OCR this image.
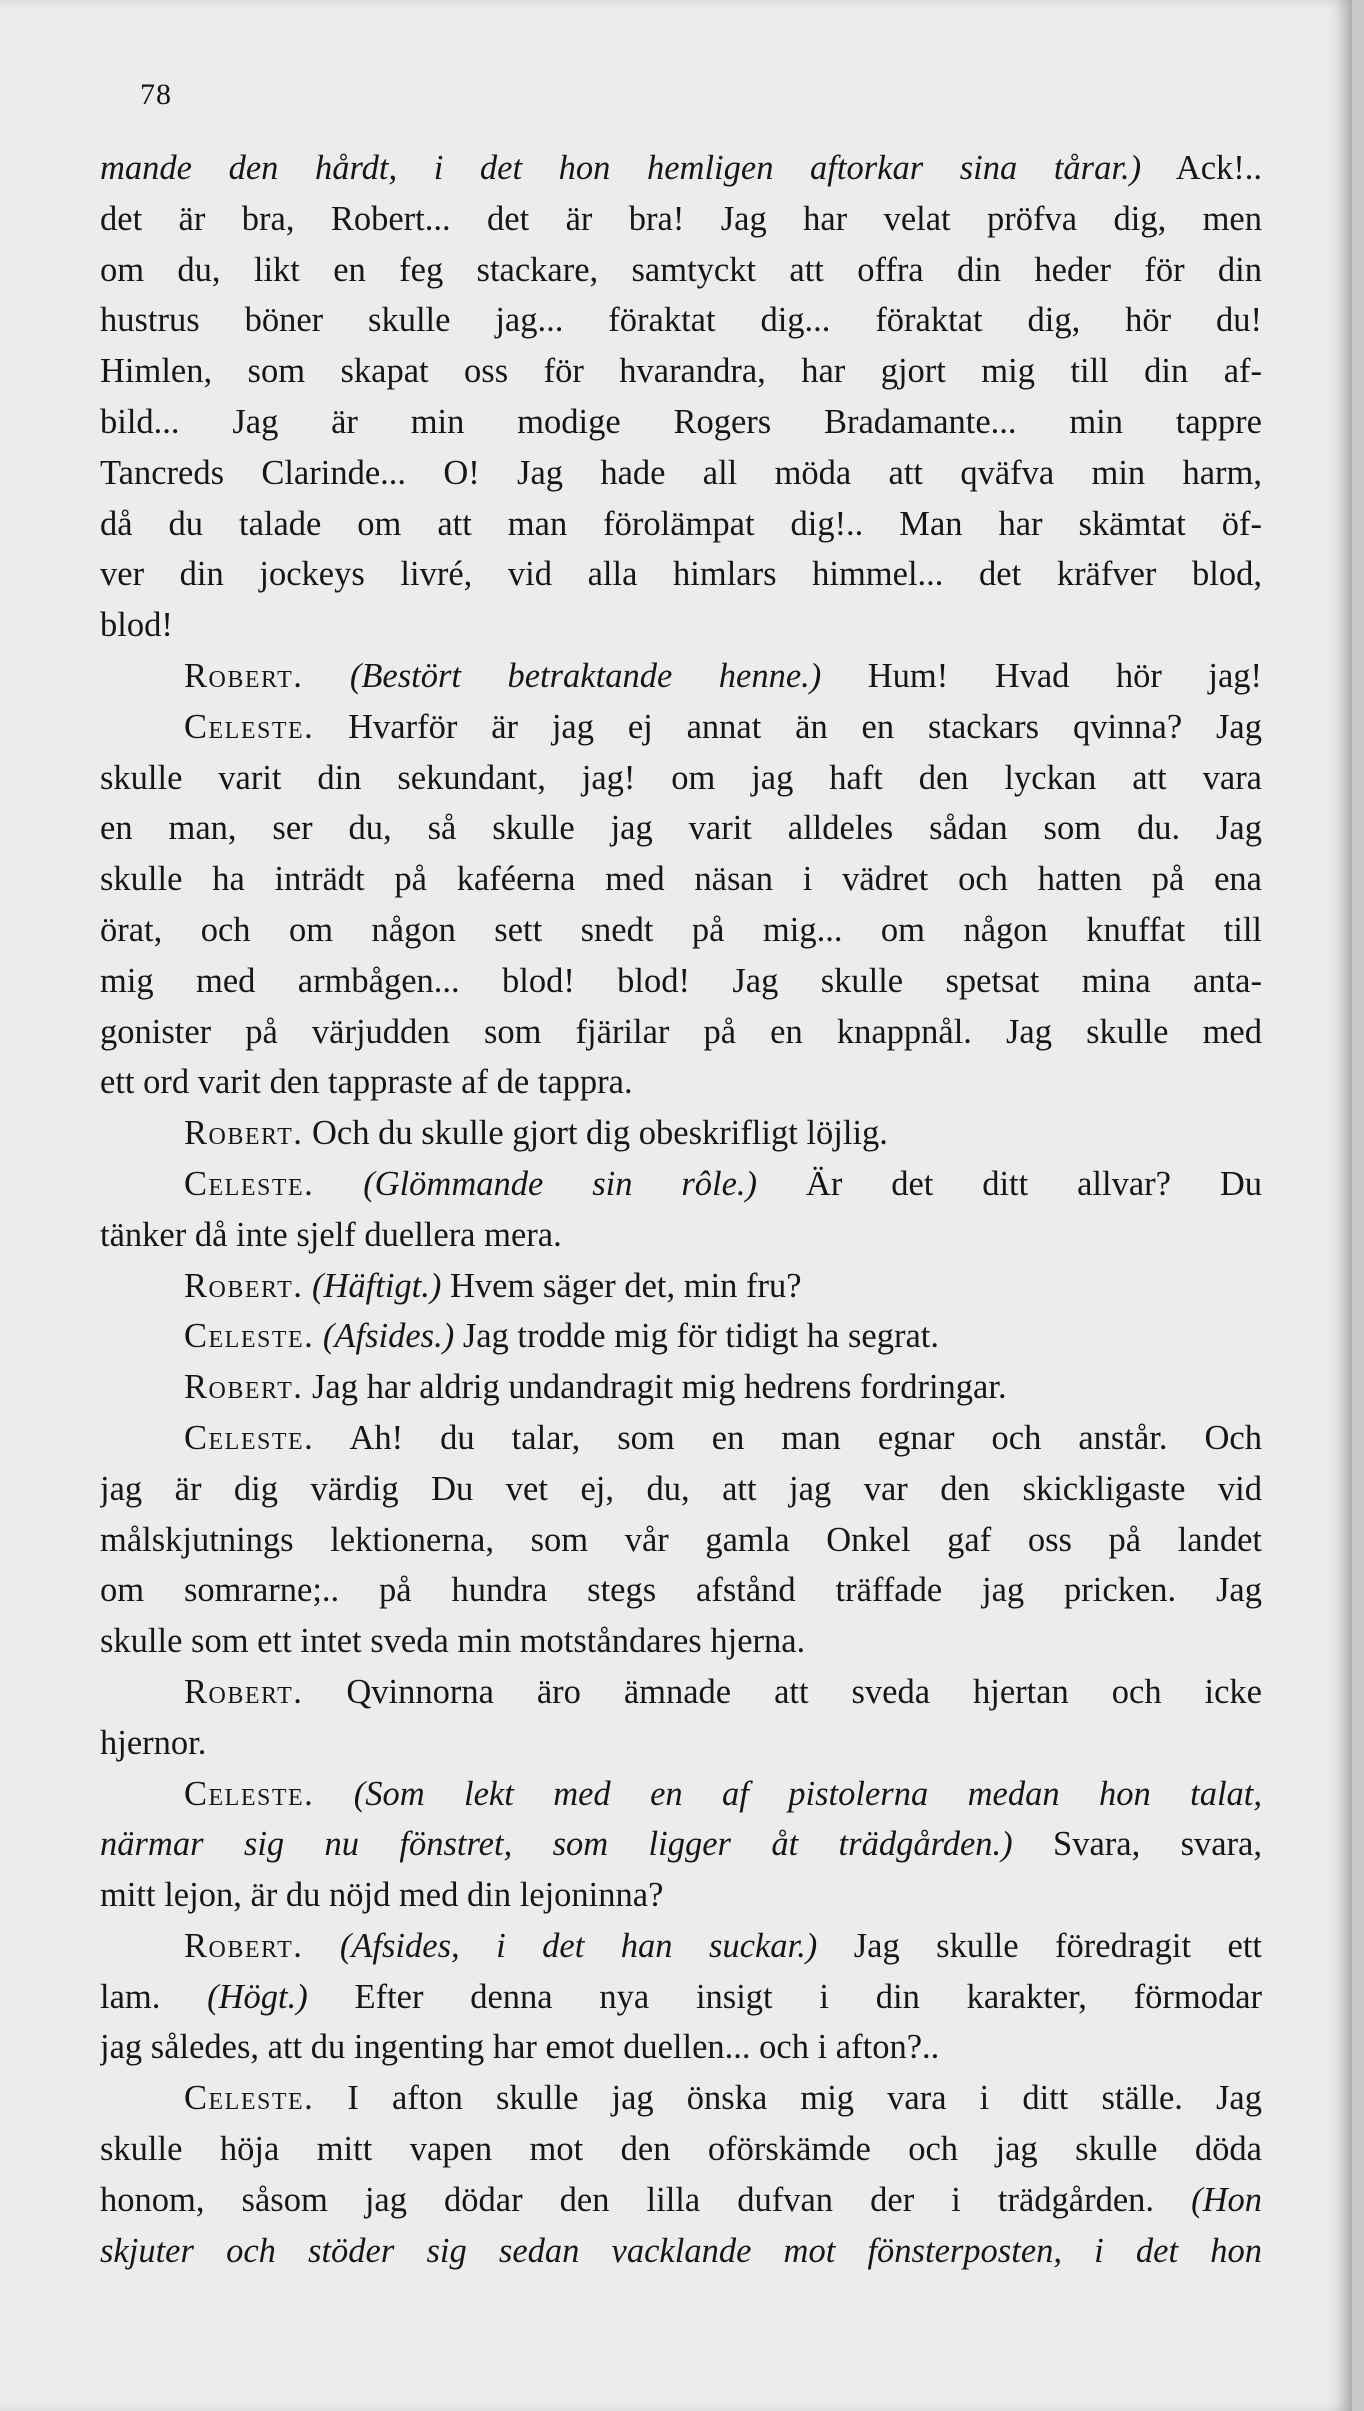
78
mande den hårdt, i det hon hemligen aftorkar sina tårar.) Ack!..
det är bra, Robert... det är bra! Jag har velat pröfva dig, men
om du, likt en feg stackare, samtyckt att offra din heder för din
hustrus böner skulle jag... föraktat dig... föraktat dig, hör du!
Himlen, som skapat oss för hvarandra, har gjort mig till din af-
bild... Jag är min modige Rogers Bradamante... min tappre
Tancreds Clarinde... O! Jag hade all möda att qväfva min harm,
då du talade om att man förolämpat dig!.. Man har skämtat öf-
ver din jockeys livré, vid alla himlars himmel... det kräfver blod,
blod!
Robert. (Bestört betraktande henne.) Hum! Hvad hör jag!
Celeste. Hvarför är jag ej annat än en stackars qvinna? Jag
skulle varit din sekundant, jag! om jag haft den lyckan att vara
en man, ser du, så skulle jag varit alldeles sådan som du. Jag
skulle ha inträdt på kaféerna med näsan i vädret och hatten på ena
örat, och om någon sett snedt på mig... om någon knuffat till
mig med armbågen... blod! blod! Jag skulle spetsat mina anta-
gonister på värjudden som fjärilar på en knappnål. Jag skulle med
ett ord varit den tappraste af de tappra.
Robert. Och du skulle gjort dig obeskrifligt löjlig.
Celeste. (Glömmande sin rôle.) Är det ditt allvar? Du
tänker då inte sjelf duellera mera.
Robert. (Häftigt.) Hvem säger det, min fru?
Celeste. (Afsides.) Jag trodde mig för tidigt ha segrat.
Robert. Jag har aldrig undandragit mig hedrens fordringar.
Celeste. Ah! du talar, som en man egnar och anstår. Och
jag är dig värdig Du vet ej, du, att jag var den skickligaste vid
målskjutnings lektionerna, som vår gamla Onkel gaf oss på landet
om somrarne;.. på hundra stegs afstånd träffade jag pricken. Jag
skulle som ett intet sveda min motståndares hjerna.
Robert. Qvinnorna äro ämnade att sveda hjertan och icke
hjernor.
Celeste. (Som lekt med en af pistolerna medan hon talat,
närmar sig nu fönstret, som ligger åt trädgården.) Svara, svara,
mitt lejon, är du nöjd med din lejoninna?
Robert. (Afsides, i det han suckar.) Jag skulle föredragit ett
lam. (Högt.) Efter denna nya insigt i din karakter, förmodar
jag således, att du ingenting har emot duellen... och i afton?..
Celeste. I afton skulle jag önska mig vara i ditt ställe. Jag
skulle höja mitt vapen mot den oförskämde och jag skulle döda
honom, såsom jag dödar den lilla dufvan der i trädgården. (Hon
skjuter och stöder sig sedan vacklande mot fönsterposten, i det hon
